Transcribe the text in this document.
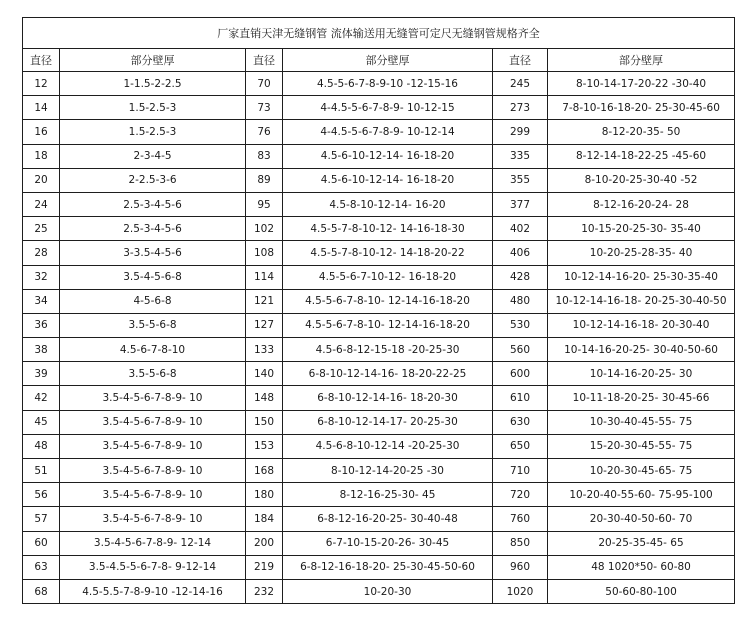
厂家直销天津无缝钢管 流体输送用无缝管可定尺无缝钢管规格齐全					
直径	部分壁厚	直径	部分壁厚	直径	部分壁厚
12	1-1.5-2-2.5	70	4.5-5-6-7-8-9-10 -12-15-16	245	8-10-14-17-20-22 -30-40
14	1.5-2.5-3	73	4-4.5-5-6-7-8-9- 10-12-15	273	7-8-10-16-18-20- 25-30-45-60
16	1.5-2.5-3	76	4-4.5-5-6-7-8-9- 10-12-14	299	8-12-20-35- 50
18	2-3-4-5	83	4.5-6-10-12-14- 16-18-20	335	8-12-14-18-22-25 -45-60
20	2-2.5-3-6	89	4.5-6-10-12-14- 16-18-20	355	8-10-20-25-30-40 -52
24	2.5-3-4-5-6	95	4.5-8-10-12-14- 16-20	377	8-12-16-20-24- 28
25	2.5-3-4-5-6	102	4.5-5-7-8-10-12- 14-16-18-30	402	10-15-20-25-30- 35-40
28	3-3.5-4-5-6	108	4.5-5-7-8-10-12- 14-18-20-22	406	10-20-25-28-35- 40
32	3.5-4-5-6-8	114	4.5-5-6-7-10-12- 16-18-20	428	10-12-14-16-20- 25-30-35-40
34	4-5-6-8	121	4.5-5-6-7-8-10- 12-14-16-18-20	480	10-12-14-16-18- 20-25-30-40-50
36	3.5-5-6-8	127	4.5-5-6-7-8-10- 12-14-16-18-20	530	10-12-14-16-18- 20-30-40
38	4.5-6-7-8-10	133	4.5-6-8-12-15-18 -20-25-30	560	10-14-16-20-25- 30-40-50-60
39	3.5-5-6-8	140	6-8-10-12-14-16- 18-20-22-25	600	10-14-16-20-25- 30
42	3.5-4-5-6-7-8-9- 10	148	6-8-10-12-14-16- 18-20-30	610	10-11-18-20-25- 30-45-66
45	3.5-4-5-6-7-8-9- 10	150	6-8-10-12-14-17- 20-25-30	630	10-30-40-45-55- 75
48	3.5-4-5-6-7-8-9- 10	153	4.5-6-8-10-12-14 -20-25-30	650	15-20-30-45-55- 75
51	3.5-4-5-6-7-8-9- 10	168	8-10-12-14-20-25 -30	710	10-20-30-45-65- 75
56	3.5-4-5-6-7-8-9- 10	180	8-12-16-25-30- 45	720	10-20-40-55-60- 75-95-100
57	3.5-4-5-6-7-8-9- 10	184	6-8-12-16-20-25- 30-40-48	760	20-30-40-50-60- 70
60	3.5-4-5-6-7-8-9- 12-14	200	6-7-10-15-20-26- 30-45	850	20-25-35-45- 65
63	3.5-4.5-5-6-7-8- 9-12-14	219	6-8-12-16-18-20- 25-30-45-50-60	960	48 1020*50- 60-80
68	4.5-5.5-7-8-9-10 -12-14-16	232	10-20-30	1020	50-60-80-100
